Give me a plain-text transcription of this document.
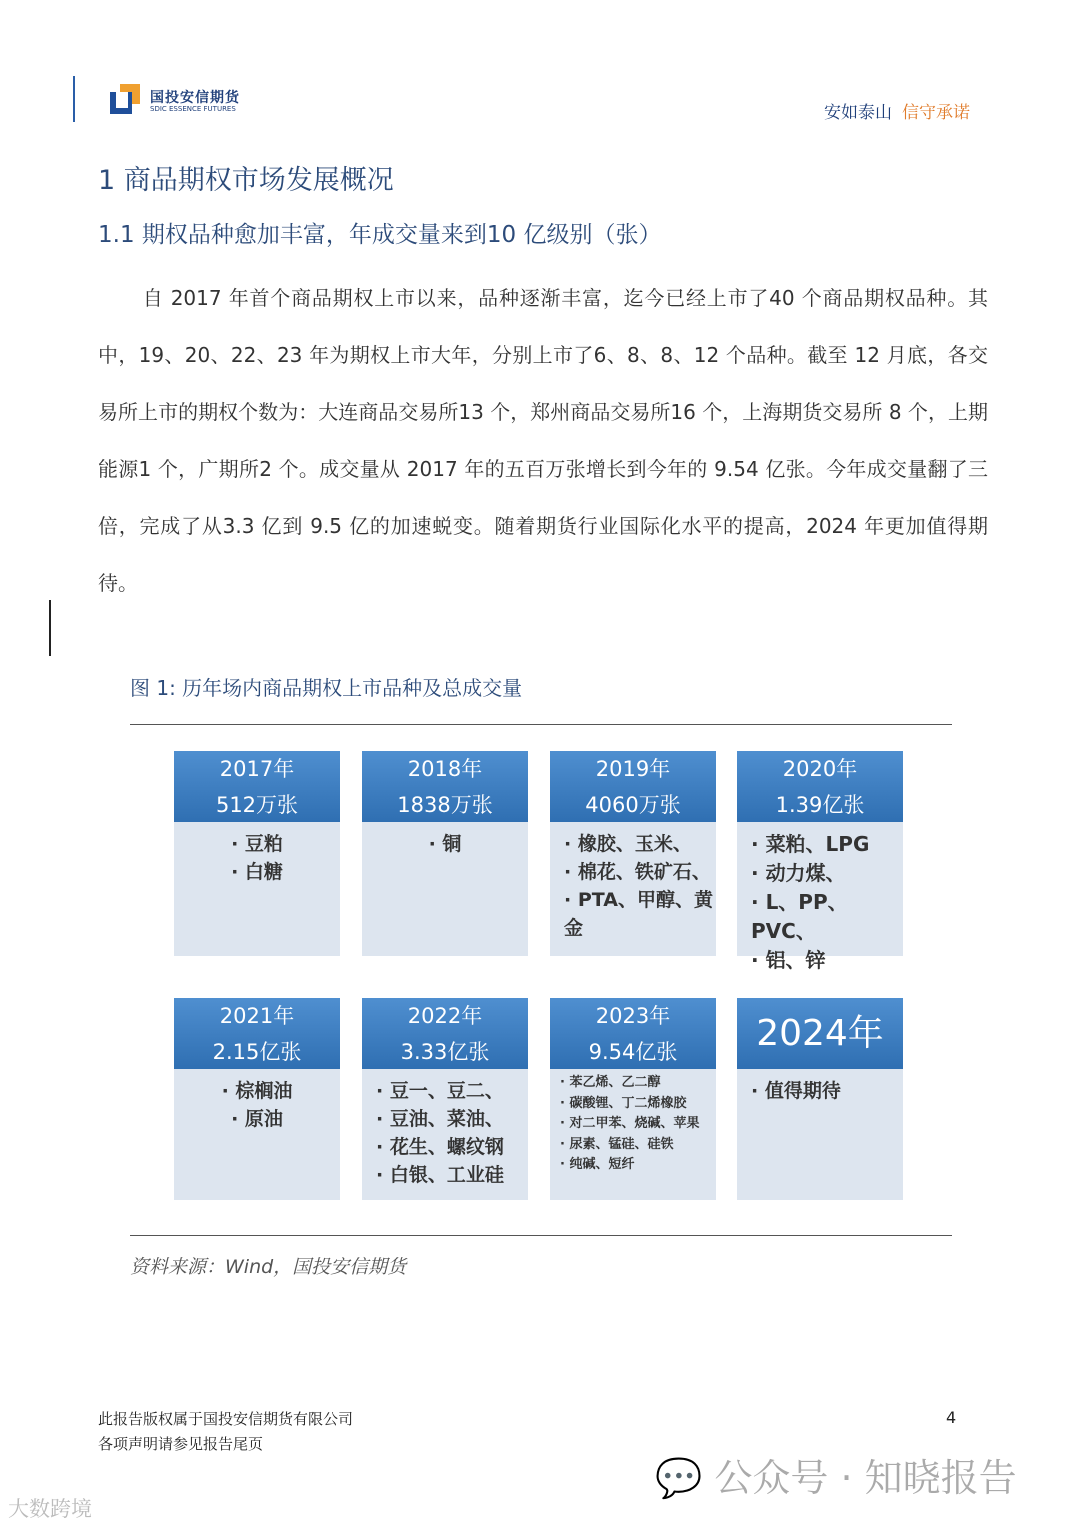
国投安信期货
SDIC ESSENCE FUTURES	安如泰山 信守承诺
1 商品期权市场发展概况
1.1 期权品种愈加丰富，年成交量来到10 亿级别（张）
自 2017 年首个商品期权上市以来，品种逐渐丰富，迄今已经上市了40 个商品期权品种。其中，19、20、22、23 年为期权上市大年，分别上市了6、8、8、12 个品种。截至 12 月底，各交易所上市的期权个数为：大连商品交易所13 个，郑州商品交易所16 个，上海期货交易所 8 个，上期能源1 个，广期所2 个。成交量从 2017 年的五百万张增长到今年的 9.54 亿张。今年成交量翻了三倍，完成了从3.3 亿到 9.5 亿的加速蜕变。随着期货行业国际化水平的提高，2024 年更加值得期待。
图 1: 历年场内商品期权上市品种及总成交量
2017年
512万张
· 豆粕
· 白糖
2018年
1838万张
· 铜
2019年
4060万张
· 橡胶、玉米、
· 棉花、铁矿石、
· PTA、甲醇、黄金
2020年
1.39亿张
· 菜粕、LPG
· 动力煤、
· L、PP、PVC、
· 铝、锌
2021年
2.15亿张
· 棕榈油
· 原油
2022年
3.33亿张
· 豆一、豆二、
· 豆油、菜油、
· 花生、螺纹钢
· 白银、工业硅
2023年
9.54亿张
· 苯乙烯、乙二醇
· 碳酸锂、丁二烯橡胶
· 对二甲苯、烧碱、苹果
· 尿素、锰硅、硅铁
· 纯碱、短纤
2024年
· 值得期待
资料来源：Wind，国投安信期货
此报告版权属于国投安信期货有限公司
各项声明请参见报告尾页
4
💬 公众号 · 知晓报告
大数跨境
